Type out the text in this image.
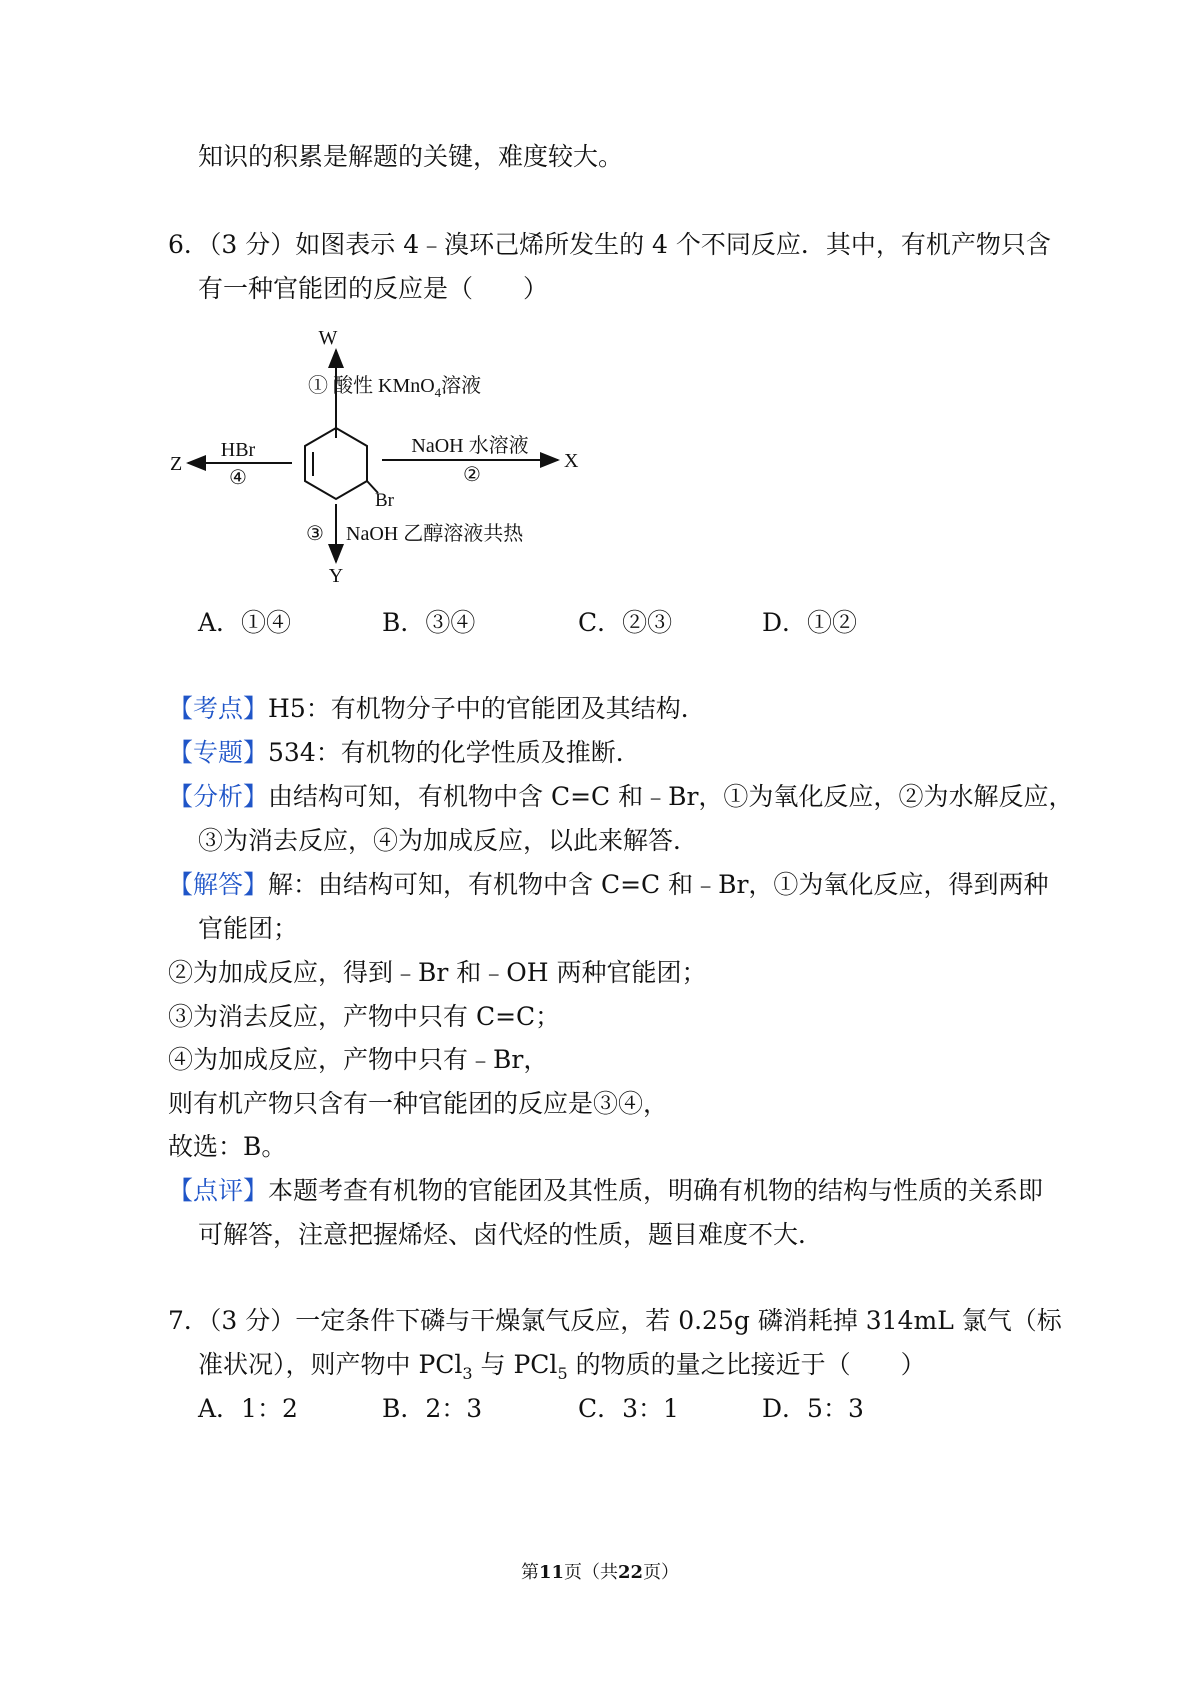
知识的积累是解题的关键，难度较大。
6．（3 分）如图表示 4﹣溴环己烯所发生的 4 个不同反应．其中，有机产物只含
有一种官能团的反应是（　　）
W
① 酸性 KMnO$_4$溶液
Z
HBr
④
Br
NaOH 水溶液
②
X
③ NaOH 乙醇溶液共热
Y
A．①④	B．③④	C．②③	D．①②
【考点】H5：有机物分子中的官能团及其结构．
【专题】534：有机物的化学性质及推断．
【分析】由结构可知，有机物中含 C=C 和﹣Br，①为氧化反应，②为水解反应，
③为消去反应，④为加成反应，以此来解答．
【解答】解：由结构可知，有机物中含 C=C 和﹣Br，①为氧化反应，得到两种
官能团；
②为加成反应，得到﹣Br 和﹣OH 两种官能团；
③为消去反应，产物中只有 C=C；
④为加成反应，产物中只有﹣Br，
则有机产物只含有一种官能团的反应是③④，
故选：B。
【点评】本题考查有机物的官能团及其性质，明确有机物的结构与性质的关系即
可解答，注意把握烯烃、卤代烃的性质，题目难度不大．
7．（3 分）一定条件下磷与干燥氯气反应，若 0.25g 磷消耗掉 314mL 氯气（标
准状况），则产物中 PCl$_3$ 与 PCl$_5$ 的物质的量之比接近于（　　）
A．1：2	B．2：3	C．3：1	D．5：3
第11页（共22页）
